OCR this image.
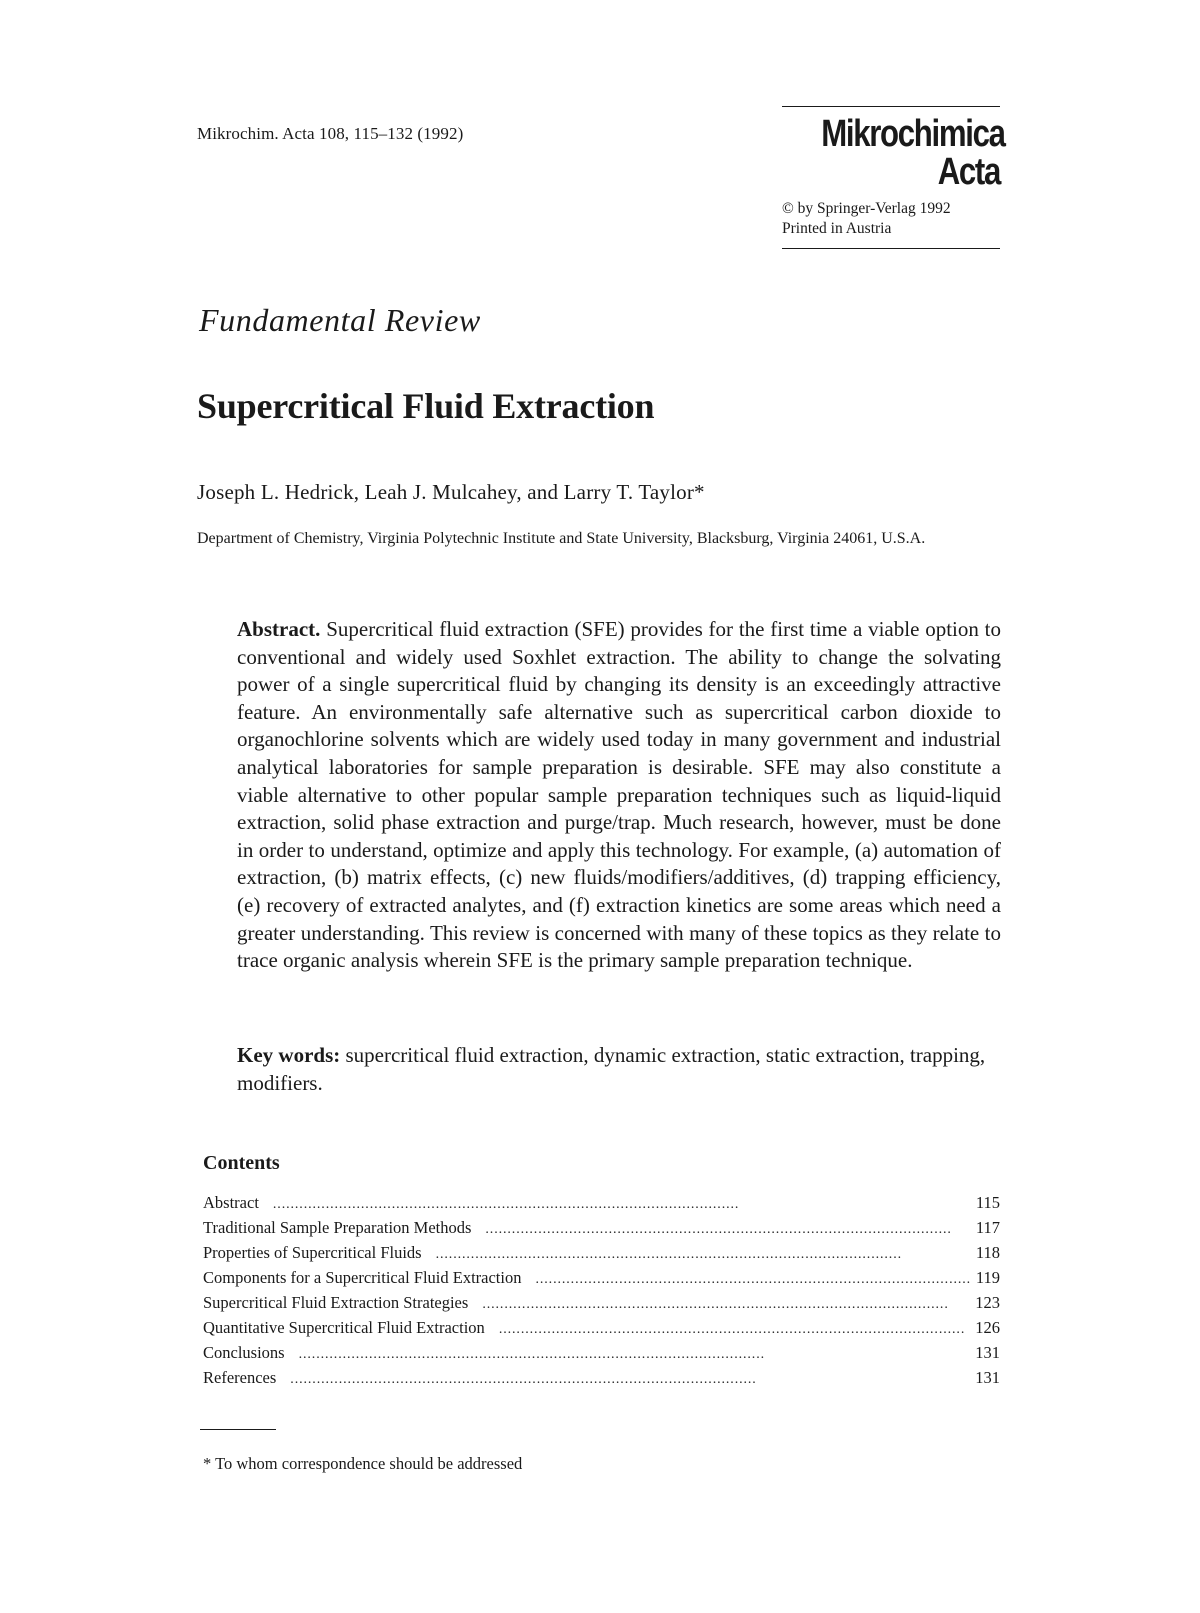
Mikrochim. Acta 108, 115–132 (1992)	Mikrochimica
Acta
© by Springer-Verlag 1992
Printed in Austria
Fundamental Review
Supercritical Fluid Extraction
Joseph L. Hedrick, Leah J. Mulcahey, and Larry T. Taylor*
Department of Chemistry, Virginia Polytechnic Institute and State University, Blacksburg, Virginia 24061, U.S.A.
Abstract. Supercritical fluid extraction (SFE) provides for the first time a viable option to conventional and widely used Soxhlet extraction. The ability to change the solvating power of a single supercritical fluid by changing its density is an exceedingly attractive feature. An environmentally safe alternative such as supercritical carbon dioxide to organochlorine solvents which are widely used today in many government and industrial analytical laboratories for sample preparation is desirable. SFE may also constitute a viable alternative to other popular sample preparation techniques such as liquid-liquid extraction, solid phase extraction and purge/trap. Much research, however, must be done in order to understand, optimize and apply this technology. For example, (a) automation of extraction, (b) matrix effects, (c) new fluids/modifiers/additives, (d) trapping efficiency, (e) recovery of extracted analytes, and (f) extraction kinetics are some areas which need a greater understanding. This review is concerned with many of these topics as they relate to trace organic analysis wherein SFE is the primary sample preparation technique.
Key words: supercritical fluid extraction, dynamic extraction, static extraction, trapping, modifiers.
Contents
Abstract . . .	115
Traditional Sample Preparation Methods . . .	117
Properties of Supercritical Fluids . . .	118
Components for a Supercritical Fluid Extraction . . .	119
Supercritical Fluid Extraction Strategies . . .	123
Quantitative Supercritical Fluid Extraction . . .	126
Conclusions . . .	131
References . . .	131
* To whom correspondence should be addressed
